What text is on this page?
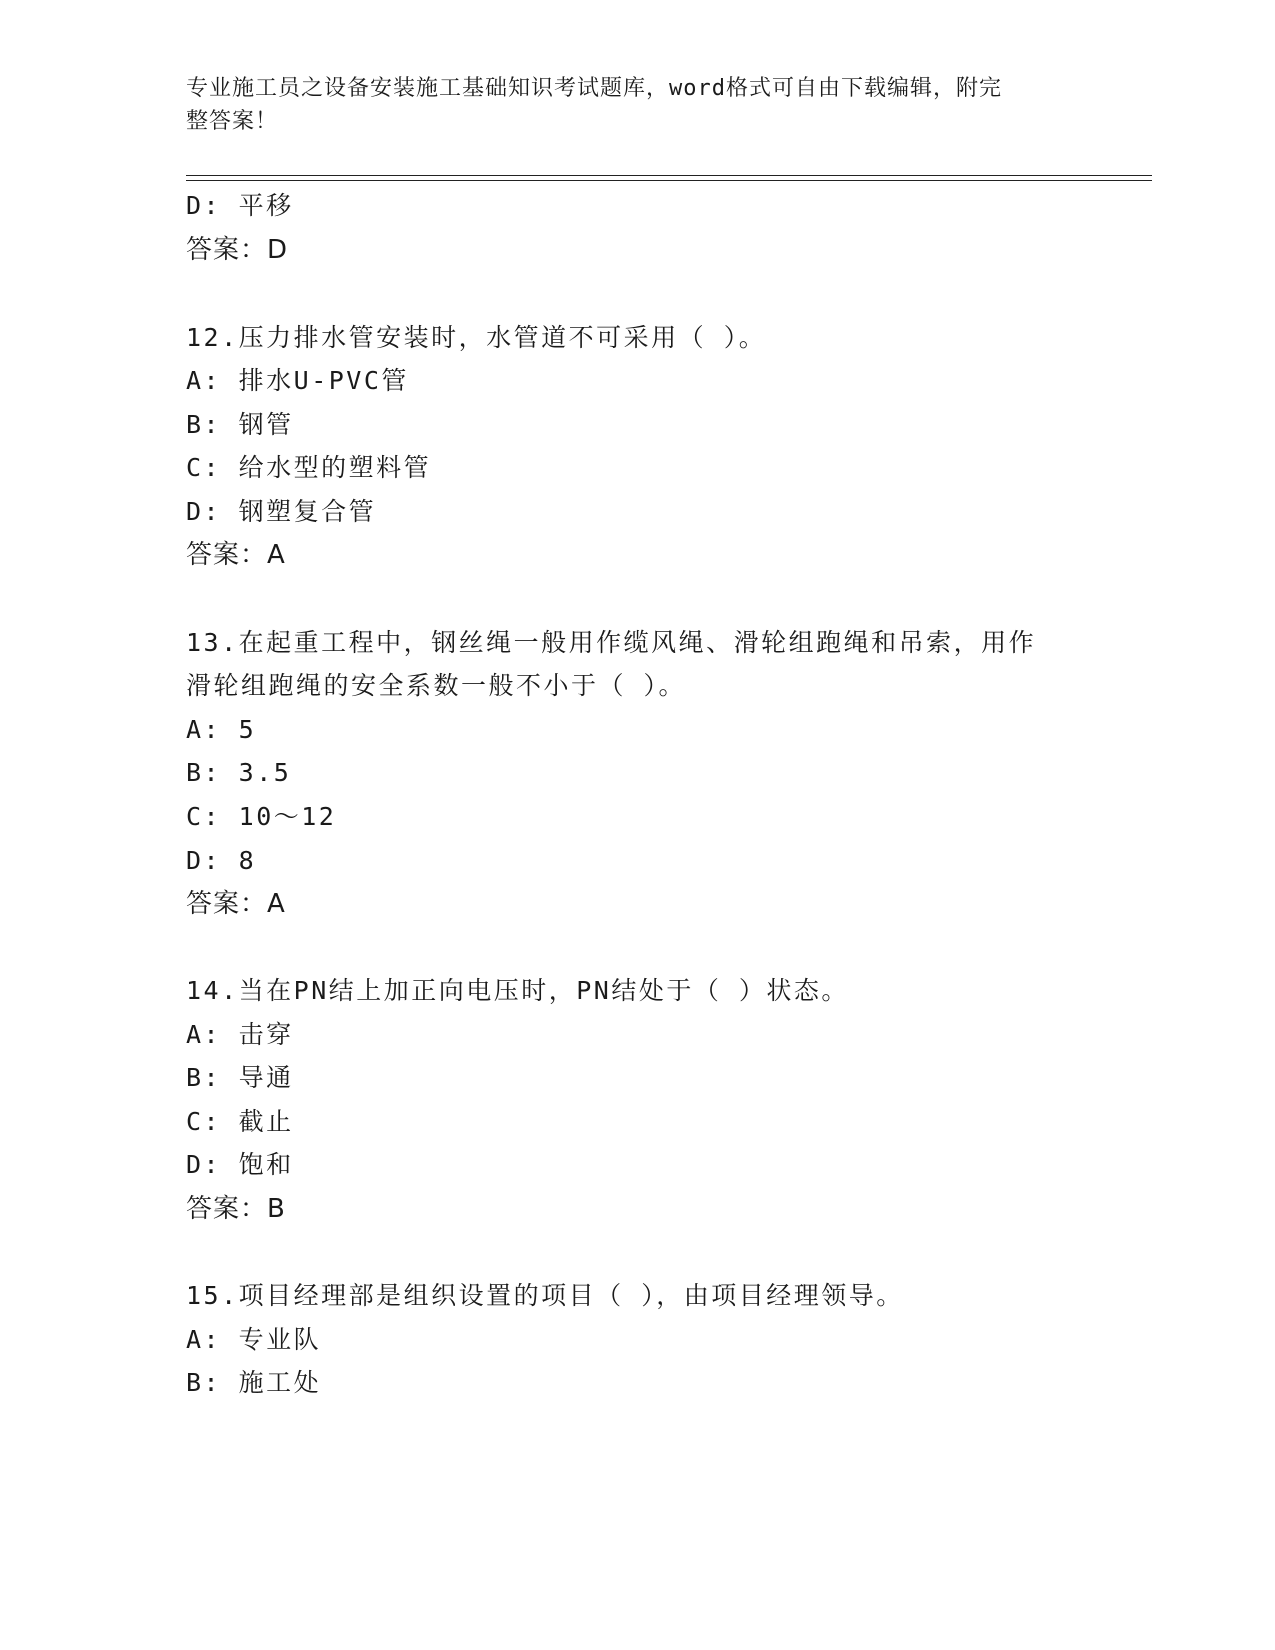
专业施工员之设备安装施工基础知识考试题库，word格式可自由下载编辑，附完
整答案！
D: 平移
答案：D
12.压力排水管安装时，水管道不可采用（ ）。
A: 排水U-PVC管
B: 钢管
C: 给水型的塑料管
D: 钢塑复合管
答案：A
13.在起重工程中，钢丝绳一般用作缆风绳、滑轮组跑绳和吊索，用作
滑轮组跑绳的安全系数一般不小于（ ）。
A: 5
B: 3.5
C: 10～12
D: 8
答案：A
14.当在PN结上加正向电压时，PN结处于（ ）状态。
A: 击穿
B: 导通
C: 截止
D: 饱和
答案：B
15.项目经理部是组织设置的项目（ ），由项目经理领导。
A: 专业队
B: 施工处
